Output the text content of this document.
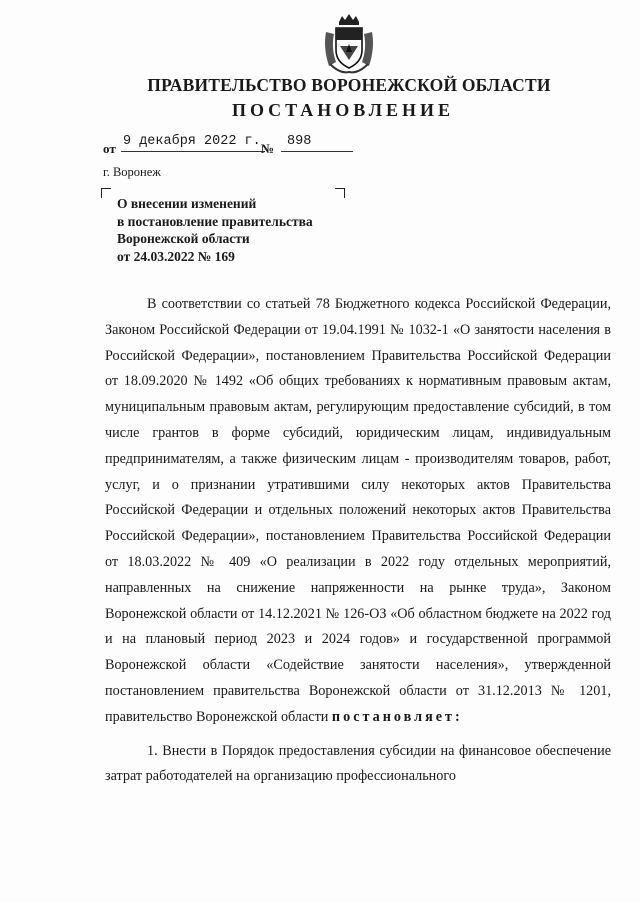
ПРАВИТЕЛЬСТВО ВОРОНЕЖСКОЙ ОБЛАСТИ
ПОСТАНОВЛЕНИЕ
от 9 декабря 2022 г. № 898
г. Воронеж
О внесении изменений
в постановление правительства
Воронежской области
от 24.03.2022 № 169

В соответствии со статьей 78 Бюджетного кодекса Российской Федерации, Законом Российской Федерации от 19.04.1991 № 1032-1 «О занятости населения в Российской Федерации», постановлением Правительства Российской Федерации от 18.09.2020 № 1492 «Об общих требованиях к нормативным правовым актам, муниципальным правовым актам, регулирующим предоставление субсидий, в том числе грантов в форме субсидий, юридическим лицам, индивидуальным предпринимателям, а также физическим лицам - производителям товаров, работ, услуг, и о признании утратившими силу некоторых актов Правительства Российской Федерации и отдельных положений некоторых актов Правительства Российской Федерации», постановлением Правительства Российской Федерации от 18.03.2022 № 409 «О реализации в 2022 году отдельных мероприятий, направленных на снижение напряженности на рынке труда», Законом Воронежской области от 14.12.2021 № 126-ОЗ «Об областном бюджете на 2022 год и на плановый период 2023 и 2024 годов» и государственной программой Воронежской области «Содействие занятости населения», утвержденной постановлением правительства Воронежской области от 31.12.2013 № 1201, правительство Воронежской области постановляет:

1. Внести в Порядок предоставления субсидии на финансовое обеспечение затрат работодателей на организацию профессионального
